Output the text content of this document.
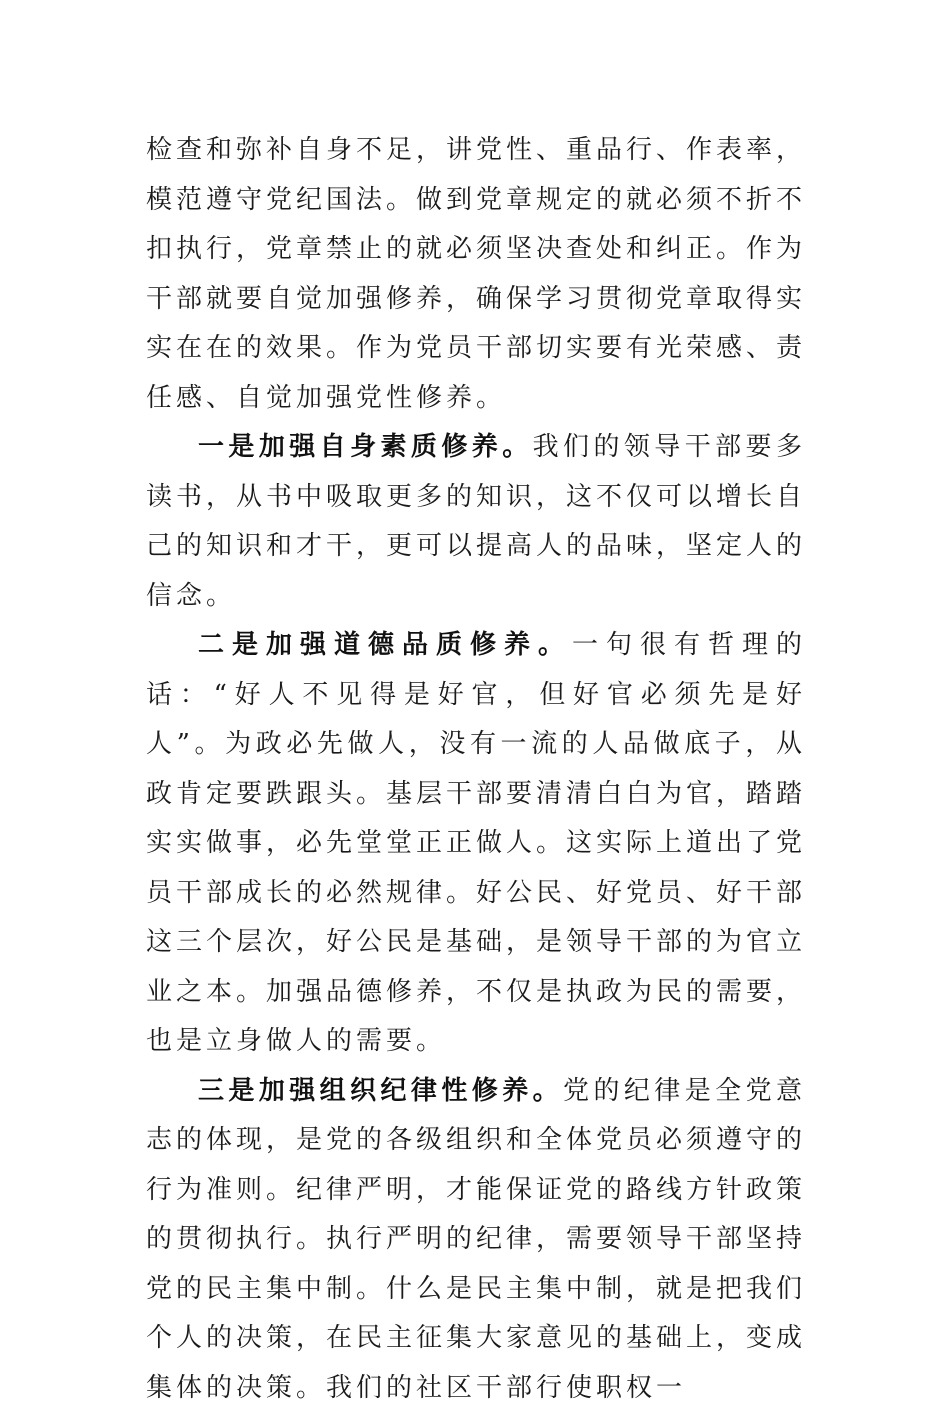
检查和弥补自身不足，讲党性、重品行、作表率，模范遵守党纪国法。做到党章规定的就必须不折不扣执行，党章禁止的就必须坚决查处和纠正。作为干部就要自觉加强修养，确保学习贯彻党章取得实实在在的效果。作为党员干部切实要有光荣感、责任感、自觉加强党性修养。

一是加强自身素质修养。我们的领导干部要多读书，从书中吸取更多的知识，这不仅可以增长自己的知识和才干，更可以提高人的品味，坚定人的信念。

二是加强道德品质修养。一句很有哲理的话：“好人不见得是好官，但好官必须先是好人”。为政必先做人，没有一流的人品做底子，从政肯定要跌跟头。基层干部要清清白白为官，踏踏实实做事，必先堂堂正正做人。这实际上道出了党员干部成长的必然规律。好公民、好党员、好干部这三个层次，好公民是基础，是领导干部的为官立业之本。加强品德修养，不仅是执政为民的需要，也是立身做人的需要。

三是加强组织纪律性修养。党的纪律是全党意志的体现，是党的各级组织和全体党员必须遵守的行为准则。纪律严明，才能保证党的路线方针政策的贯彻执行。执行严明的纪律，需要领导干部坚持党的民主集中制。什么是民主集中制，就是把我们个人的决策，在民主征集大家意见的基础上，变成集体的决策。我们的社区干部行使职权一
